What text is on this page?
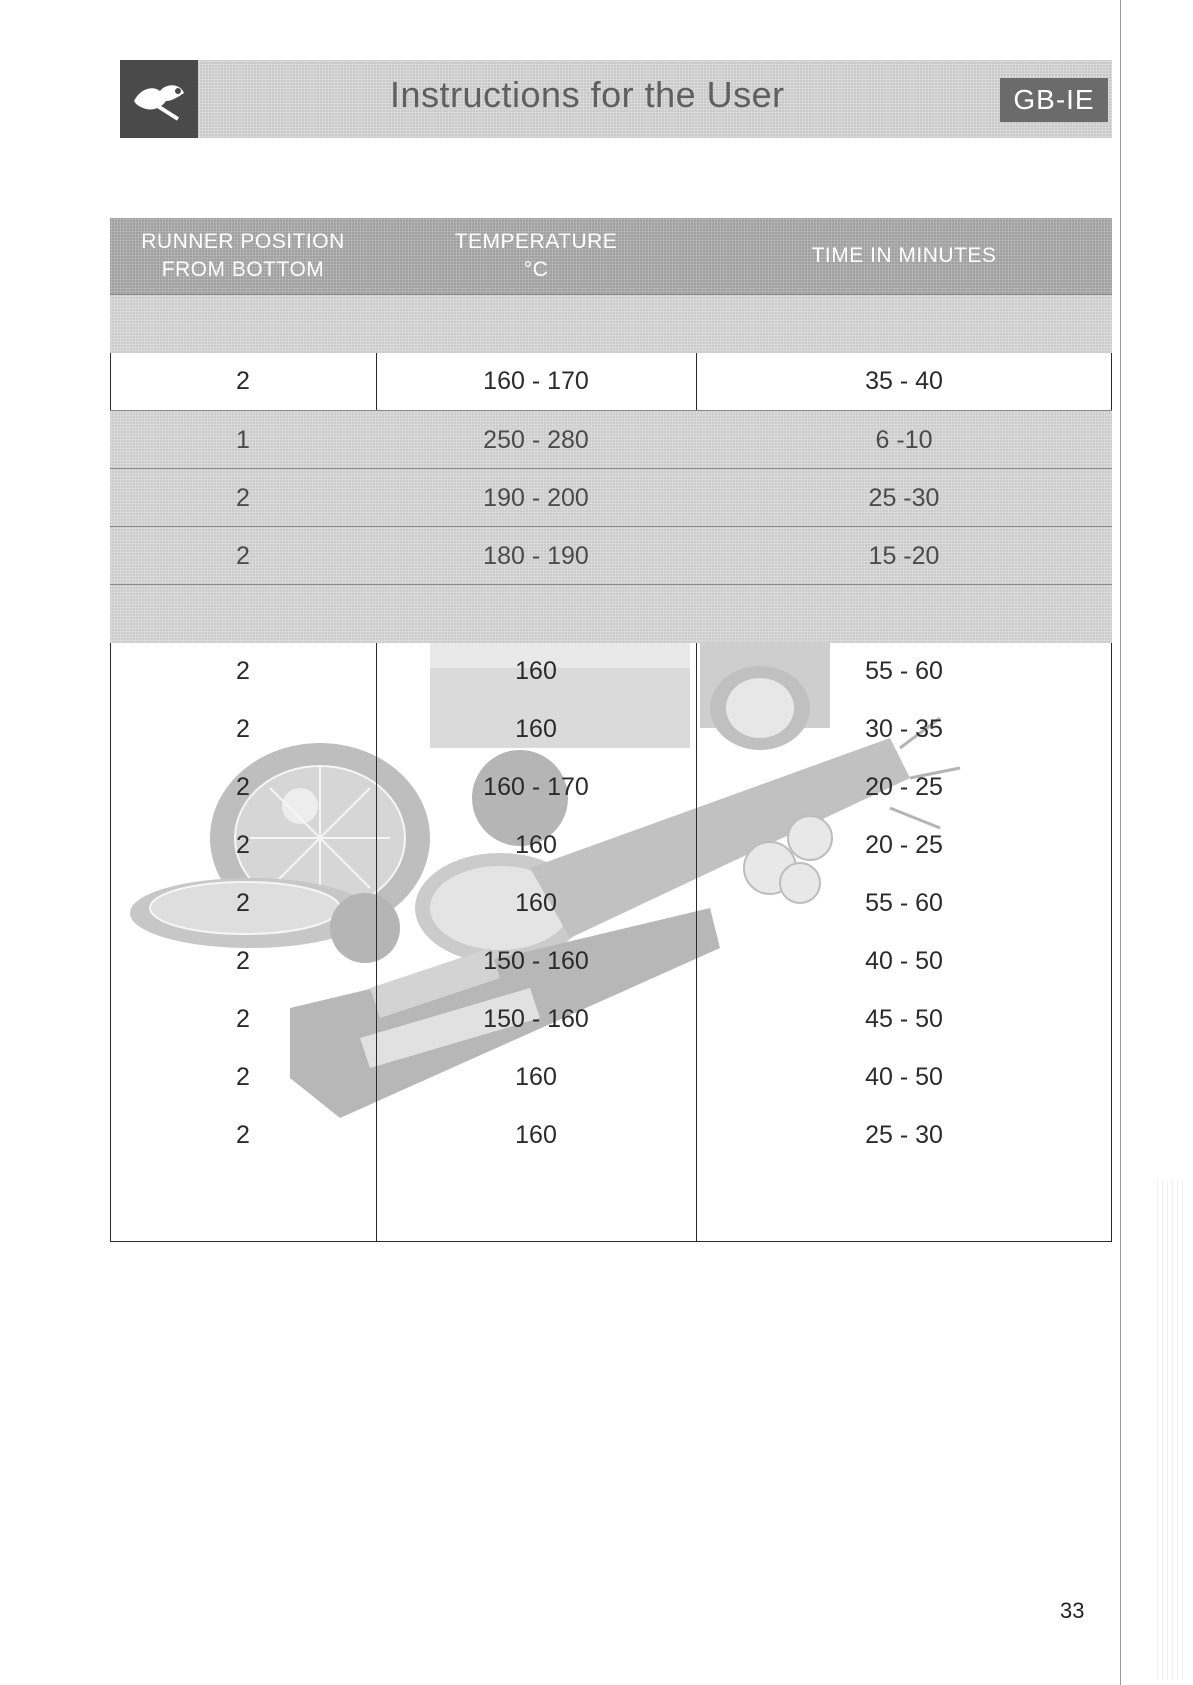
Instructions for the User	GB-IE
RUNNER POSITION
FROM BOTTOM
TEMPERATURE
°C
TIME IN MINUTES
2	160 - 170	35 - 40
1	250 - 280	6 -10
2	190 - 200	25 -30
2	180 - 190	15 -20
2	160	55 - 60
2	160	30 - 35
2	160 - 170	20 - 25
2	160	20 - 25
2	160	55 - 60
2	150 - 160	40 - 50
2	150 - 160	45 - 50
2	160	40 - 50
2	160	25 - 30
33
